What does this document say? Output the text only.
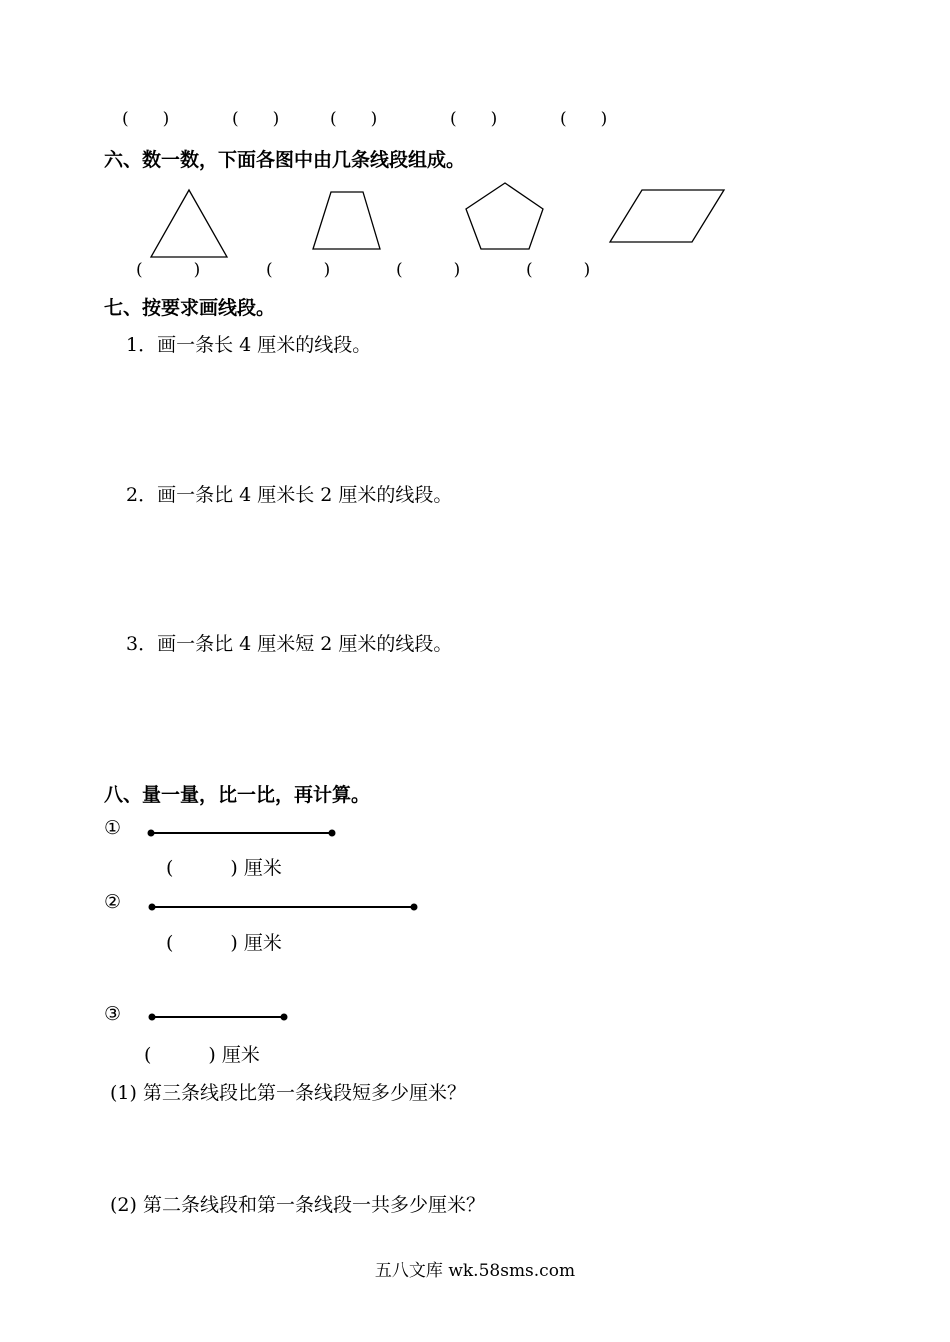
(　　)	(　　)	(　　)	(　　)	(　　)
六、数一数，下面各图中由几条线段组成。
(　　　)	(　　　)	(　　　)	(　　　)
七、按要求画线段。
1．画一条长 4 厘米的线段。
2．画一条比 4 厘米长 2 厘米的线段。
3．画一条比 4 厘米短 2 厘米的线段。
八、量一量，比一比，再计算。
①
(　　　) 厘米
②
(　　　) 厘米
③
(　　　) 厘米
(1) 第三条线段比第一条线段短多少厘米？
(2) 第二条线段和第一条线段一共多少厘米？
五八文库 wk.58sms.com
